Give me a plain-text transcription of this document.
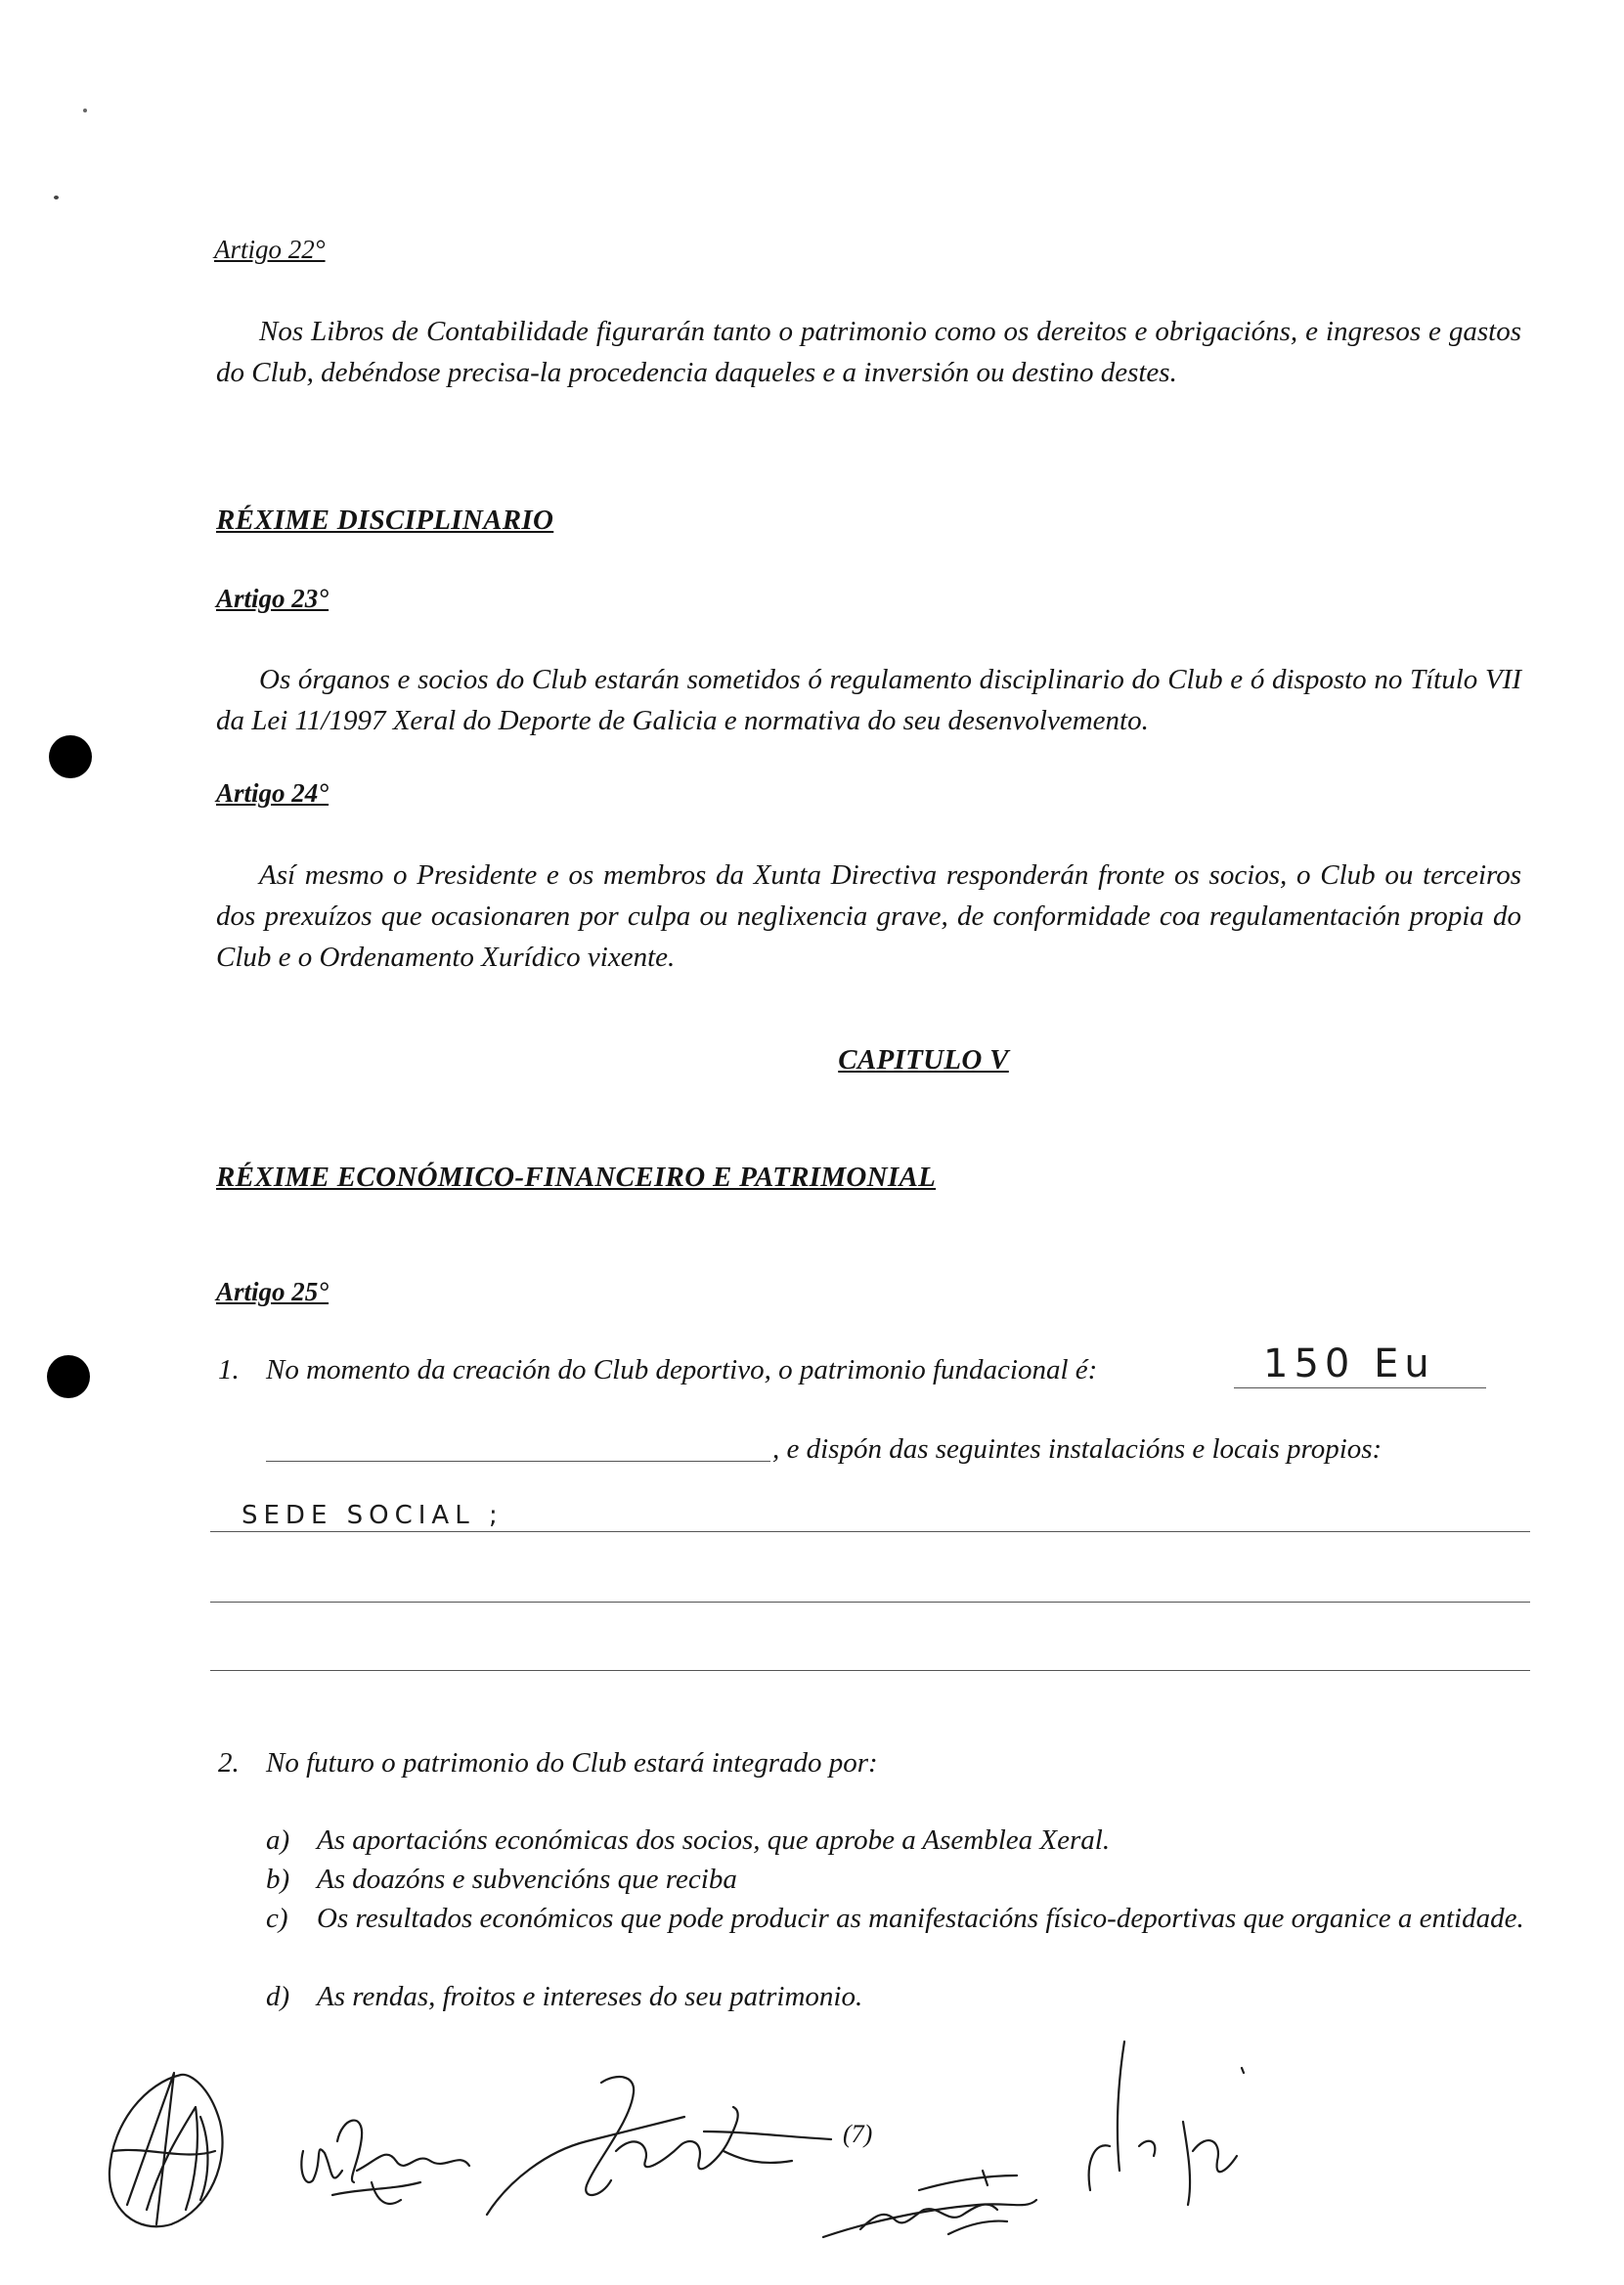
Artigo 22°
Nos Libros de Contabilidade figurarán tanto o patrimonio como os dereitos e obrigacións, e ingresos e gastos do Club, debéndose precisa-la procedencia daqueles e a inversión ou destino destes.
RÉXIME DISCIPLINARIO
Artigo 23°
Os órganos e socios do Club estarán sometidos ó regulamento disciplinario do Club e ó disposto no Título VII da Lei 11/1997 Xeral do Deporte de Galicia e normativa do seu desenvolvemento.
Artigo 24°
Así mesmo o Presidente e os membros da Xunta Directiva responderán fronte os socios, o Club ou terceiros dos prexuízos que ocasionaren por culpa ou neglixencia grave, de conformidade coa regulamentación propia do Club e o Ordenamento Xurídico vixente.
CAPITULO V
RÉXIME ECONÓMICO-FINANCEIRO E PATRIMONIAL
Artigo 25°
1. No momento da creación do Club deportivo, o patrimonio fundacional é:	150 Eu
, e dispón das seguintes instalacións e locais propios:
SEDE SOCIAL ;
2. No futuro o patrimonio do Club estará integrado por:
a) As aportacións económicas dos socios, que aprobe a Asemblea Xeral.
b) As doazóns e subvencións que reciba
c) Os resultados económicos que pode producir as manifestacións físico-deportivas que organice a entidade.
d) As rendas, froitos e intereses do seu patrimonio.
(7)
